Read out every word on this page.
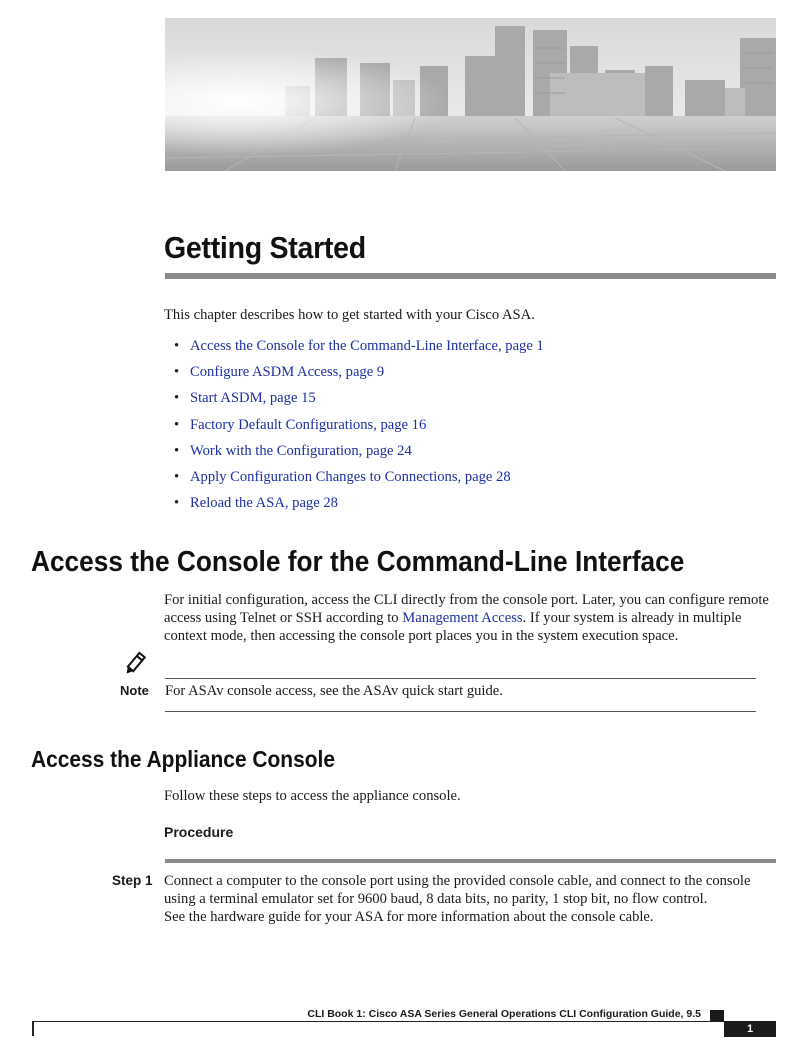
Getting Started
This chapter describes how to get started with your Cisco ASA.
• Access the Console for the Command-Line Interface, page 1
• Configure ASDM Access, page 9
• Start ASDM, page 15
• Factory Default Configurations, page 16
• Work with the Configuration, page 24
• Apply Configuration Changes to Connections, page 28
• Reload the ASA, page 28
Access the Console for the Command-Line Interface
For initial configuration, access the CLI directly from the console port. Later, you can configure remote access using Telnet or SSH according to Management Access. If your system is already in multiple context mode, then accessing the console port places you in the system execution space.
Note For ASAv console access, see the ASAv quick start guide.
Access the Appliance Console
Follow these steps to access the appliance console.
Procedure
Step 1 Connect a computer to the console port using the provided console cable, and connect to the console using a terminal emulator set for 9600 baud, 8 data bits, no parity, 1 stop bit, no flow control.
See the hardware guide for your ASA for more information about the console cable.
CLI Book 1: Cisco ASA Series General Operations CLI Configuration Guide, 9.5
1
